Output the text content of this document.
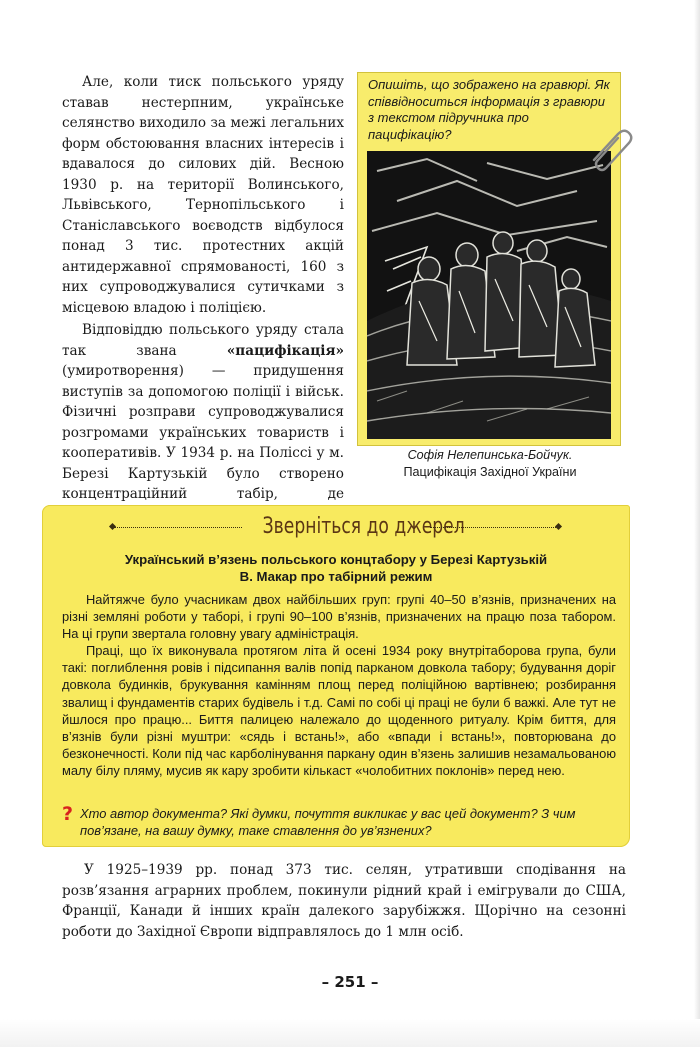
Але, коли тиск польського уряду ставав нестерпним, українське селянство виходило за межі легальних форм обстоювання власних інтересів і вдавалося до силових дій. Весною 1930 р. на території Волинського, Львівського, Тернопільського і Станіславського воєводств відбулося понад 3 тис. протестних акцій антидержавної спрямованості, 160 з них супроводжувалися сутичками з місцевою владою і поліцією.

Відповіддю польського уряду стала так звана «пацифікація» (умиротворення) — придушення виступів за допомогою поліції і військ. Фізичні розправи супроводжувалися розгромами українських товариств і кооперативів. У 1934 р. на Поліссі у м. Березі Картузькій було створено концентраційний табір, де

Опишіть, що зображено на гравюрі. Як співвідноситься інформація з гравюри з текстом підручника про пацифікацію?
Софія Нелепинська-Бойчук.
Пацифікація Західної України
Зверніться до джерел
Український в’язень польського концтабору у Березі Картузькій
В. Макар про табірний режим

Найтяжче було учасникам двох найбільших груп: групі 40–50 в’язнів, призначених на різні земляні роботи у таборі, і групі 90–100 в’язнів, призначених на працю поза табором. На ці групи звертала головну увагу адміністрація.

Праці, що їх виконувала протягом літа й осені 1934 року внутрітаборова група, були такі: поглиблення ровів і підсипання валів попід парканом довкола табору; будування доріг довкола будинків, брукування камінням площ перед поліційною вартівнею; розбирання звалищ і фундаментів старих будівель і т.д. Самі по собі ці праці не були б важкі. Але тут не йшлося про працю... Биття палицею належало до щоденного ритуалу. Крім биття, для в’язнів були різні муштри: «сядь і встань!», або «впади і встань!», повторювана до безконечності. Коли під час карболінування паркану один в’язень залишив незамальованою малу білу пляму, мусив як кару зробити кількаст «чолобитних поклонів» перед нею.

? Хто автор документа? Які думки, почуття викликає у вас цей документ? З чим пов’язане, на вашу думку, таке ставлення до ув’язнених?

У 1925–1939 рр. понад 373 тис. селян, утративши сподівання на розв’язання аграрних проблем, покинули рідний край і емігрували до США, Франції, Канади й інших країн далекого зарубіжжя. Щорічно на сезонні роботи до Західної Європи відправлялось до 1 млн осіб.

– 251 –
